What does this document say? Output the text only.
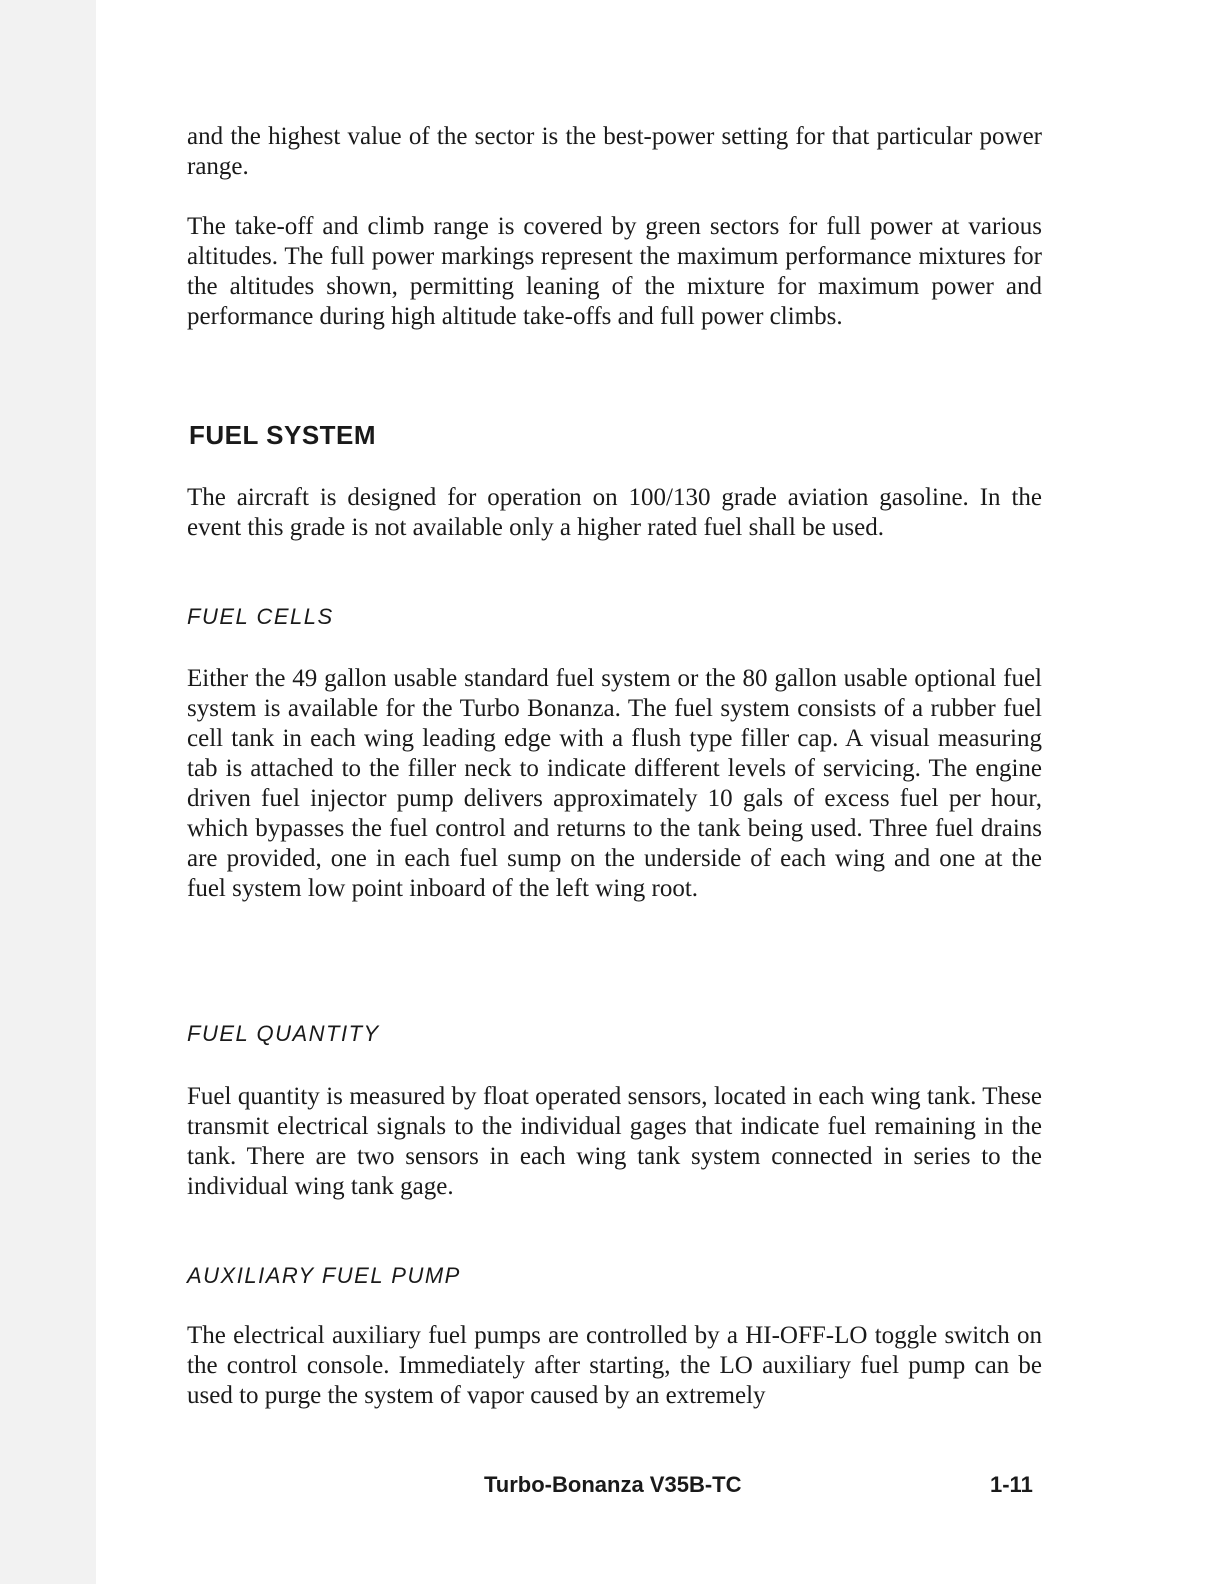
and the highest value of the sector is the best-power setting for that particular power range.

The take-off and climb range is covered by green sectors for full power at various altitudes. The full power markings represent the maximum performance mixtures for the altitudes shown, permitting leaning of the mixture for maximum power and performance during high altitude take-offs and full power climbs.

FUEL SYSTEM

The aircraft is designed for operation on 100/130 grade aviation gasoline. In the event this grade is not available only a higher rated fuel shall be used.

FUEL CELLS

Either the 49 gallon usable standard fuel system or the 80 gallon usable optional fuel system is available for the Turbo Bonanza. The fuel system consists of a rubber fuel cell tank in each wing leading edge with a flush type filler cap. A visual measuring tab is attached to the filler neck to indicate different levels of servicing. The engine driven fuel injector pump delivers approximately 10 gals of excess fuel per hour, which bypasses the fuel control and returns to the tank being used. Three fuel drains are provided, one in each fuel sump on the underside of each wing and one at the fuel system low point inboard of the left wing root.

FUEL QUANTITY

Fuel quantity is measured by float operated sensors, located in each wing tank. These transmit electrical signals to the individual gages that indicate fuel remaining in the tank. There are two sensors in each wing tank system connected in series to the individual wing tank gage.

AUXILIARY FUEL PUMP

The electrical auxiliary fuel pumps are controlled by a HI-OFF-LO toggle switch on the control console. Immediately after starting, the LO auxiliary fuel pump can be used to purge the system of vapor caused by an extremely

Turbo-Bonanza V35B-TC	1-11
